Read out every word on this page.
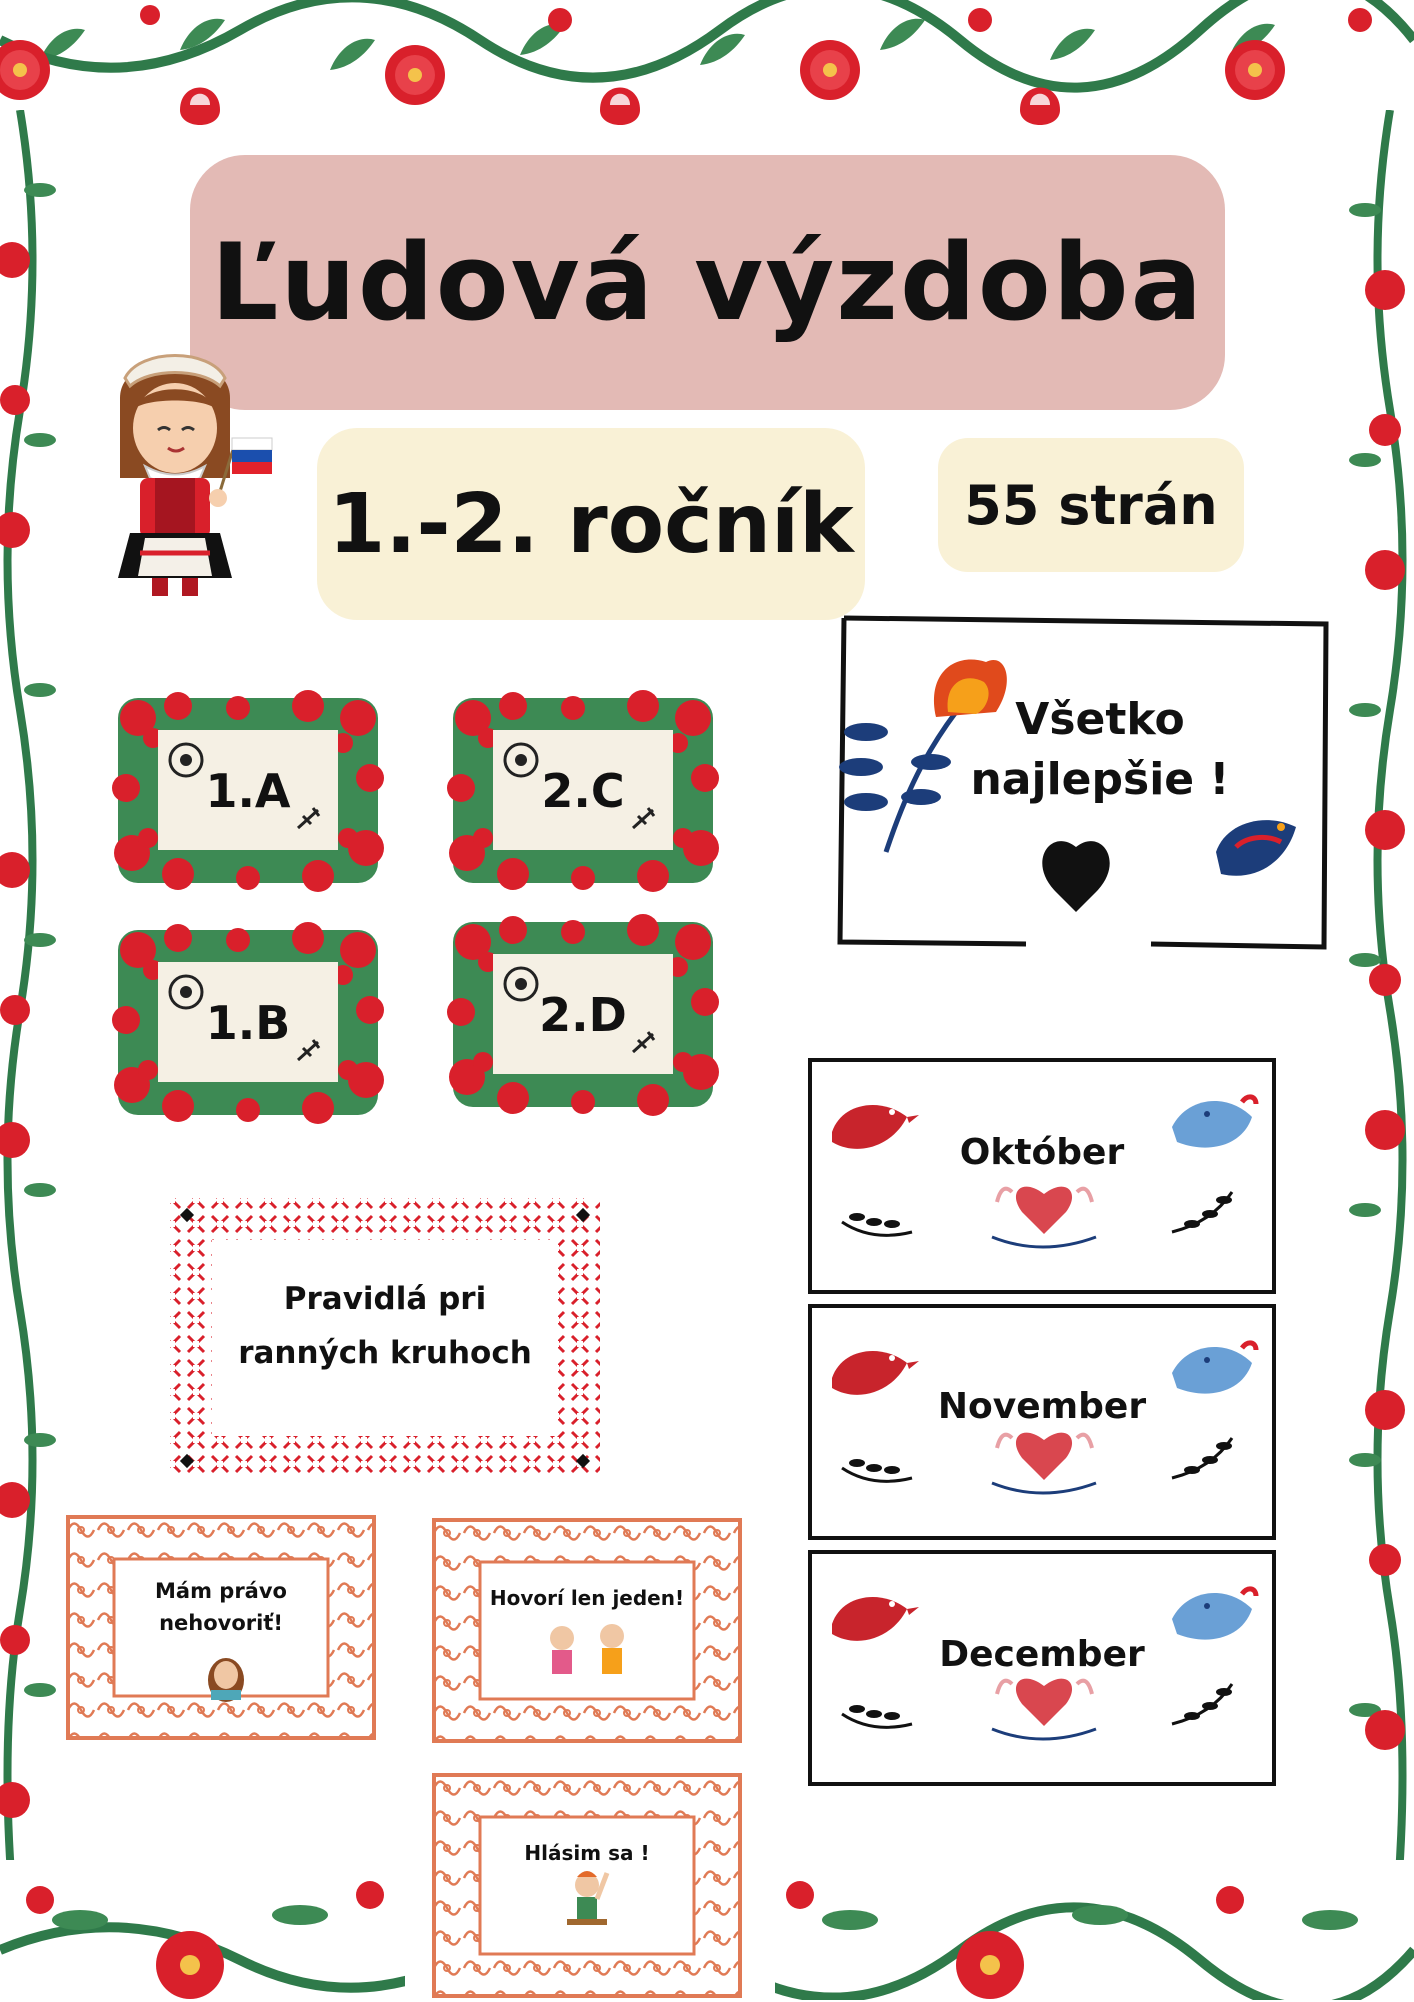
Ľudová výzdoba
1.-2. ročník 55 strán
1.A	2.C
1.B	2.D
Všetko
najlepšie !
Október
November
December
Pravidlá pri
ranných kruhoch
Mám právo
nehovoriť!
Hovorí len jeden!
Hlásim sa !
